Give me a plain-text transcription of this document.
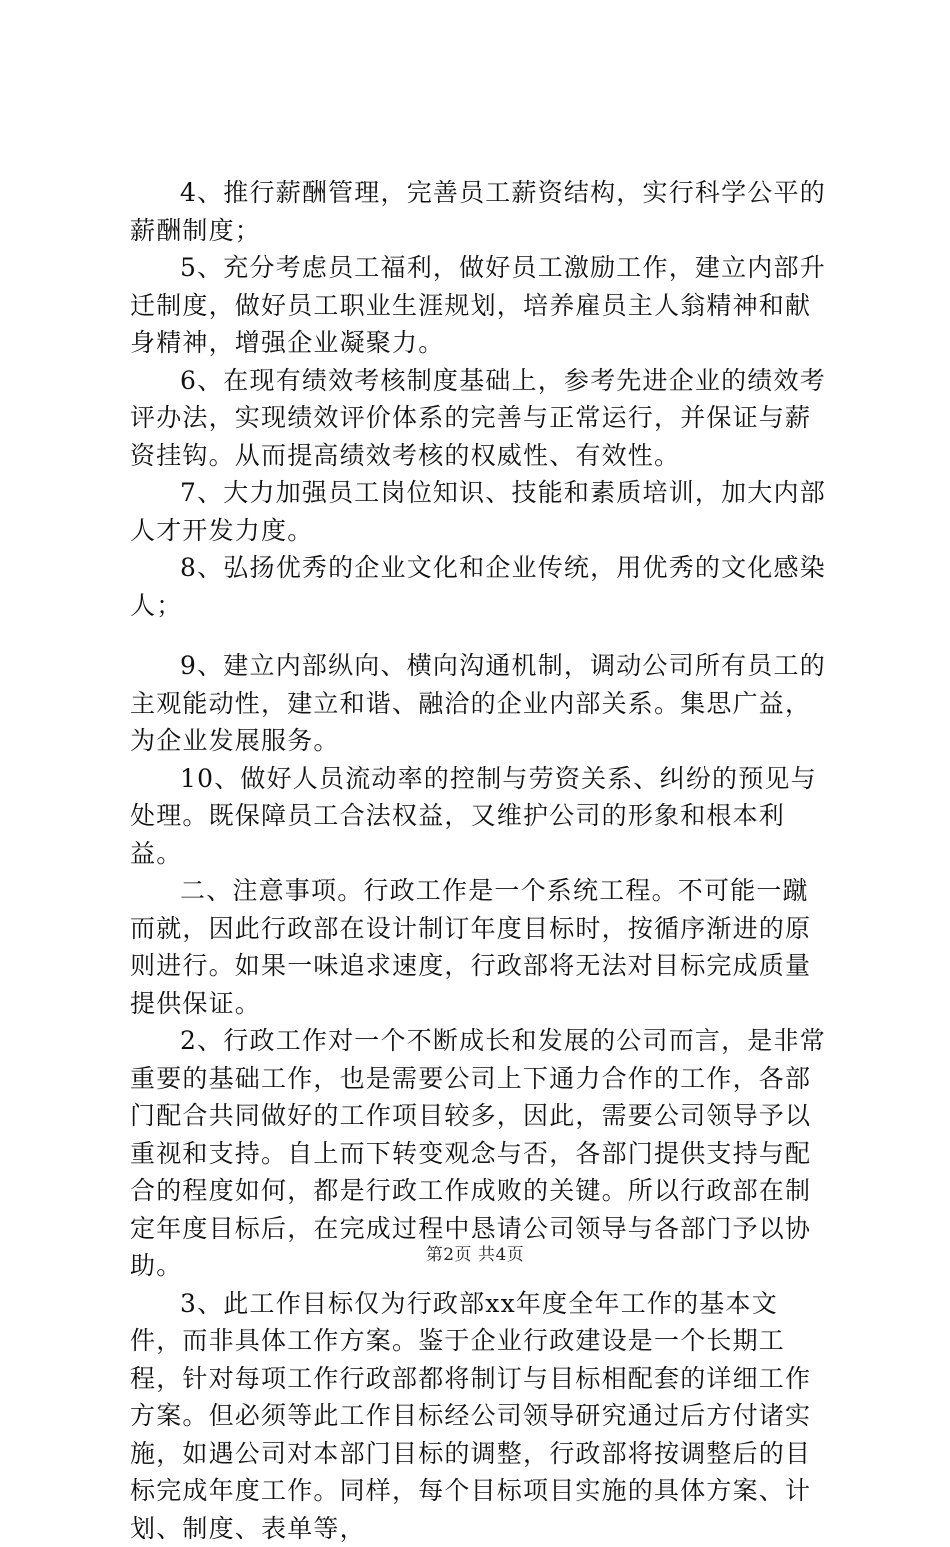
4、推行薪酬管理，完善员工薪资结构，实行科学公平的薪酬制度；

5、充分考虑员工福利，做好员工激励工作，建立内部升迁制度，做好员工职业生涯规划，培养雇员主人翁精神和献身精神，增强企业凝聚力。

6、在现有绩效考核制度基础上，参考先进企业的绩效考评办法，实现绩效评价体系的完善与正常运行，并保证与薪资挂钩。从而提高绩效考核的权威性、有效性。

7、大力加强员工岗位知识、技能和素质培训，加大内部人才开发力度。

8、弘扬优秀的企业文化和企业传统，用优秀的文化感染人；

9、建立内部纵向、横向沟通机制，调动公司所有员工的主观能动性，建立和谐、融洽的企业内部关系。集思广益，为企业发展服务。

10、做好人员流动率的控制与劳资关系、纠纷的预见与处理。既保障员工合法权益，又维护公司的形象和根本利益。

二、注意事项。行政工作是一个系统工程。不可能一蹴而就，因此行政部在设计制订年度目标时，按循序渐进的原则进行。如果一味追求速度，行政部将无法对目标完成质量提供保证。

2、行政工作对一个不断成长和发展的公司而言，是非常重要的基础工作，也是需要公司上下通力合作的工作，各部门配合共同做好的工作项目较多，因此，需要公司领导予以重视和支持。自上而下转变观念与否，各部门提供支持与配合的程度如何，都是行政工作成败的关键。所以行政部在制定年度目标后，在完成过程中恳请公司领导与各部门予以协助。

3、此工作目标仅为行政部xx年度全年工作的基本文件，而非具体工作方案。鉴于企业行政建设是一个长期工程，针对每项工作行政部都将制订与目标相配套的详细工作方案。但必须等此工作目标经公司领导研究通过后方付诸实施，如遇公司对本部门目标的调整，行政部将按调整后的目标完成年度工作。同样，每个目标项目实施的具体方案、计划、制度、表单等，

第2页 共4页
